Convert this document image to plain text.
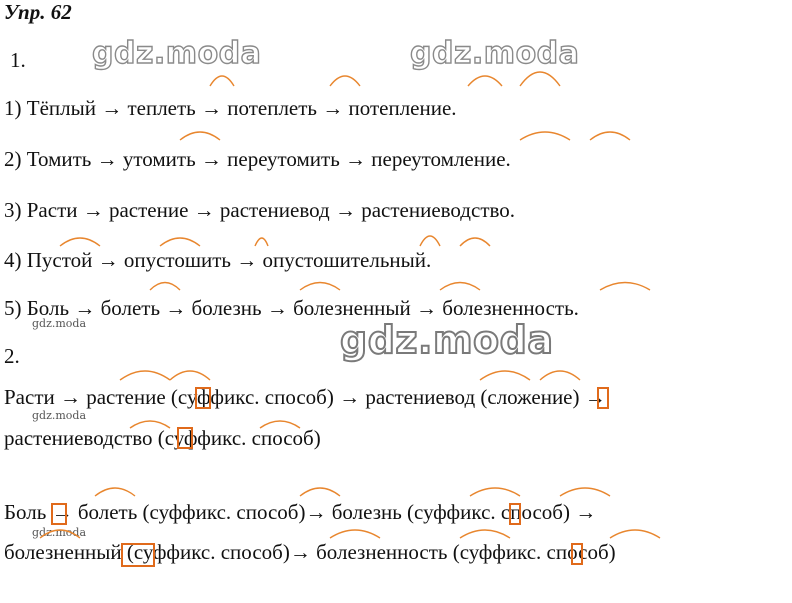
Упр. 62
gdz.moda	gdz.moda
gdz.moda
gdz.moda
gdz.moda
gdz.moda
1.
1) Тёплый → теплеть → потеплеть → потепление.
2) Томить → утомить → переутомить → переутомление.
3) Расти → растение → растениевод → растениеводство.
4) Пустой → опустошить → опустошительный.
5) Боль → болеть → болезнь → болезненный → болезненность.
2.
Расти → растение (суффикс. способ) → растениевод (сложение) →
растениеводство (суффикс. способ)
Боль → болеть (суффикс. способ)→ болезнь (суффикс. способ) →
болезненный (суффикс. способ)→ болезненность (суффикс. способ)
